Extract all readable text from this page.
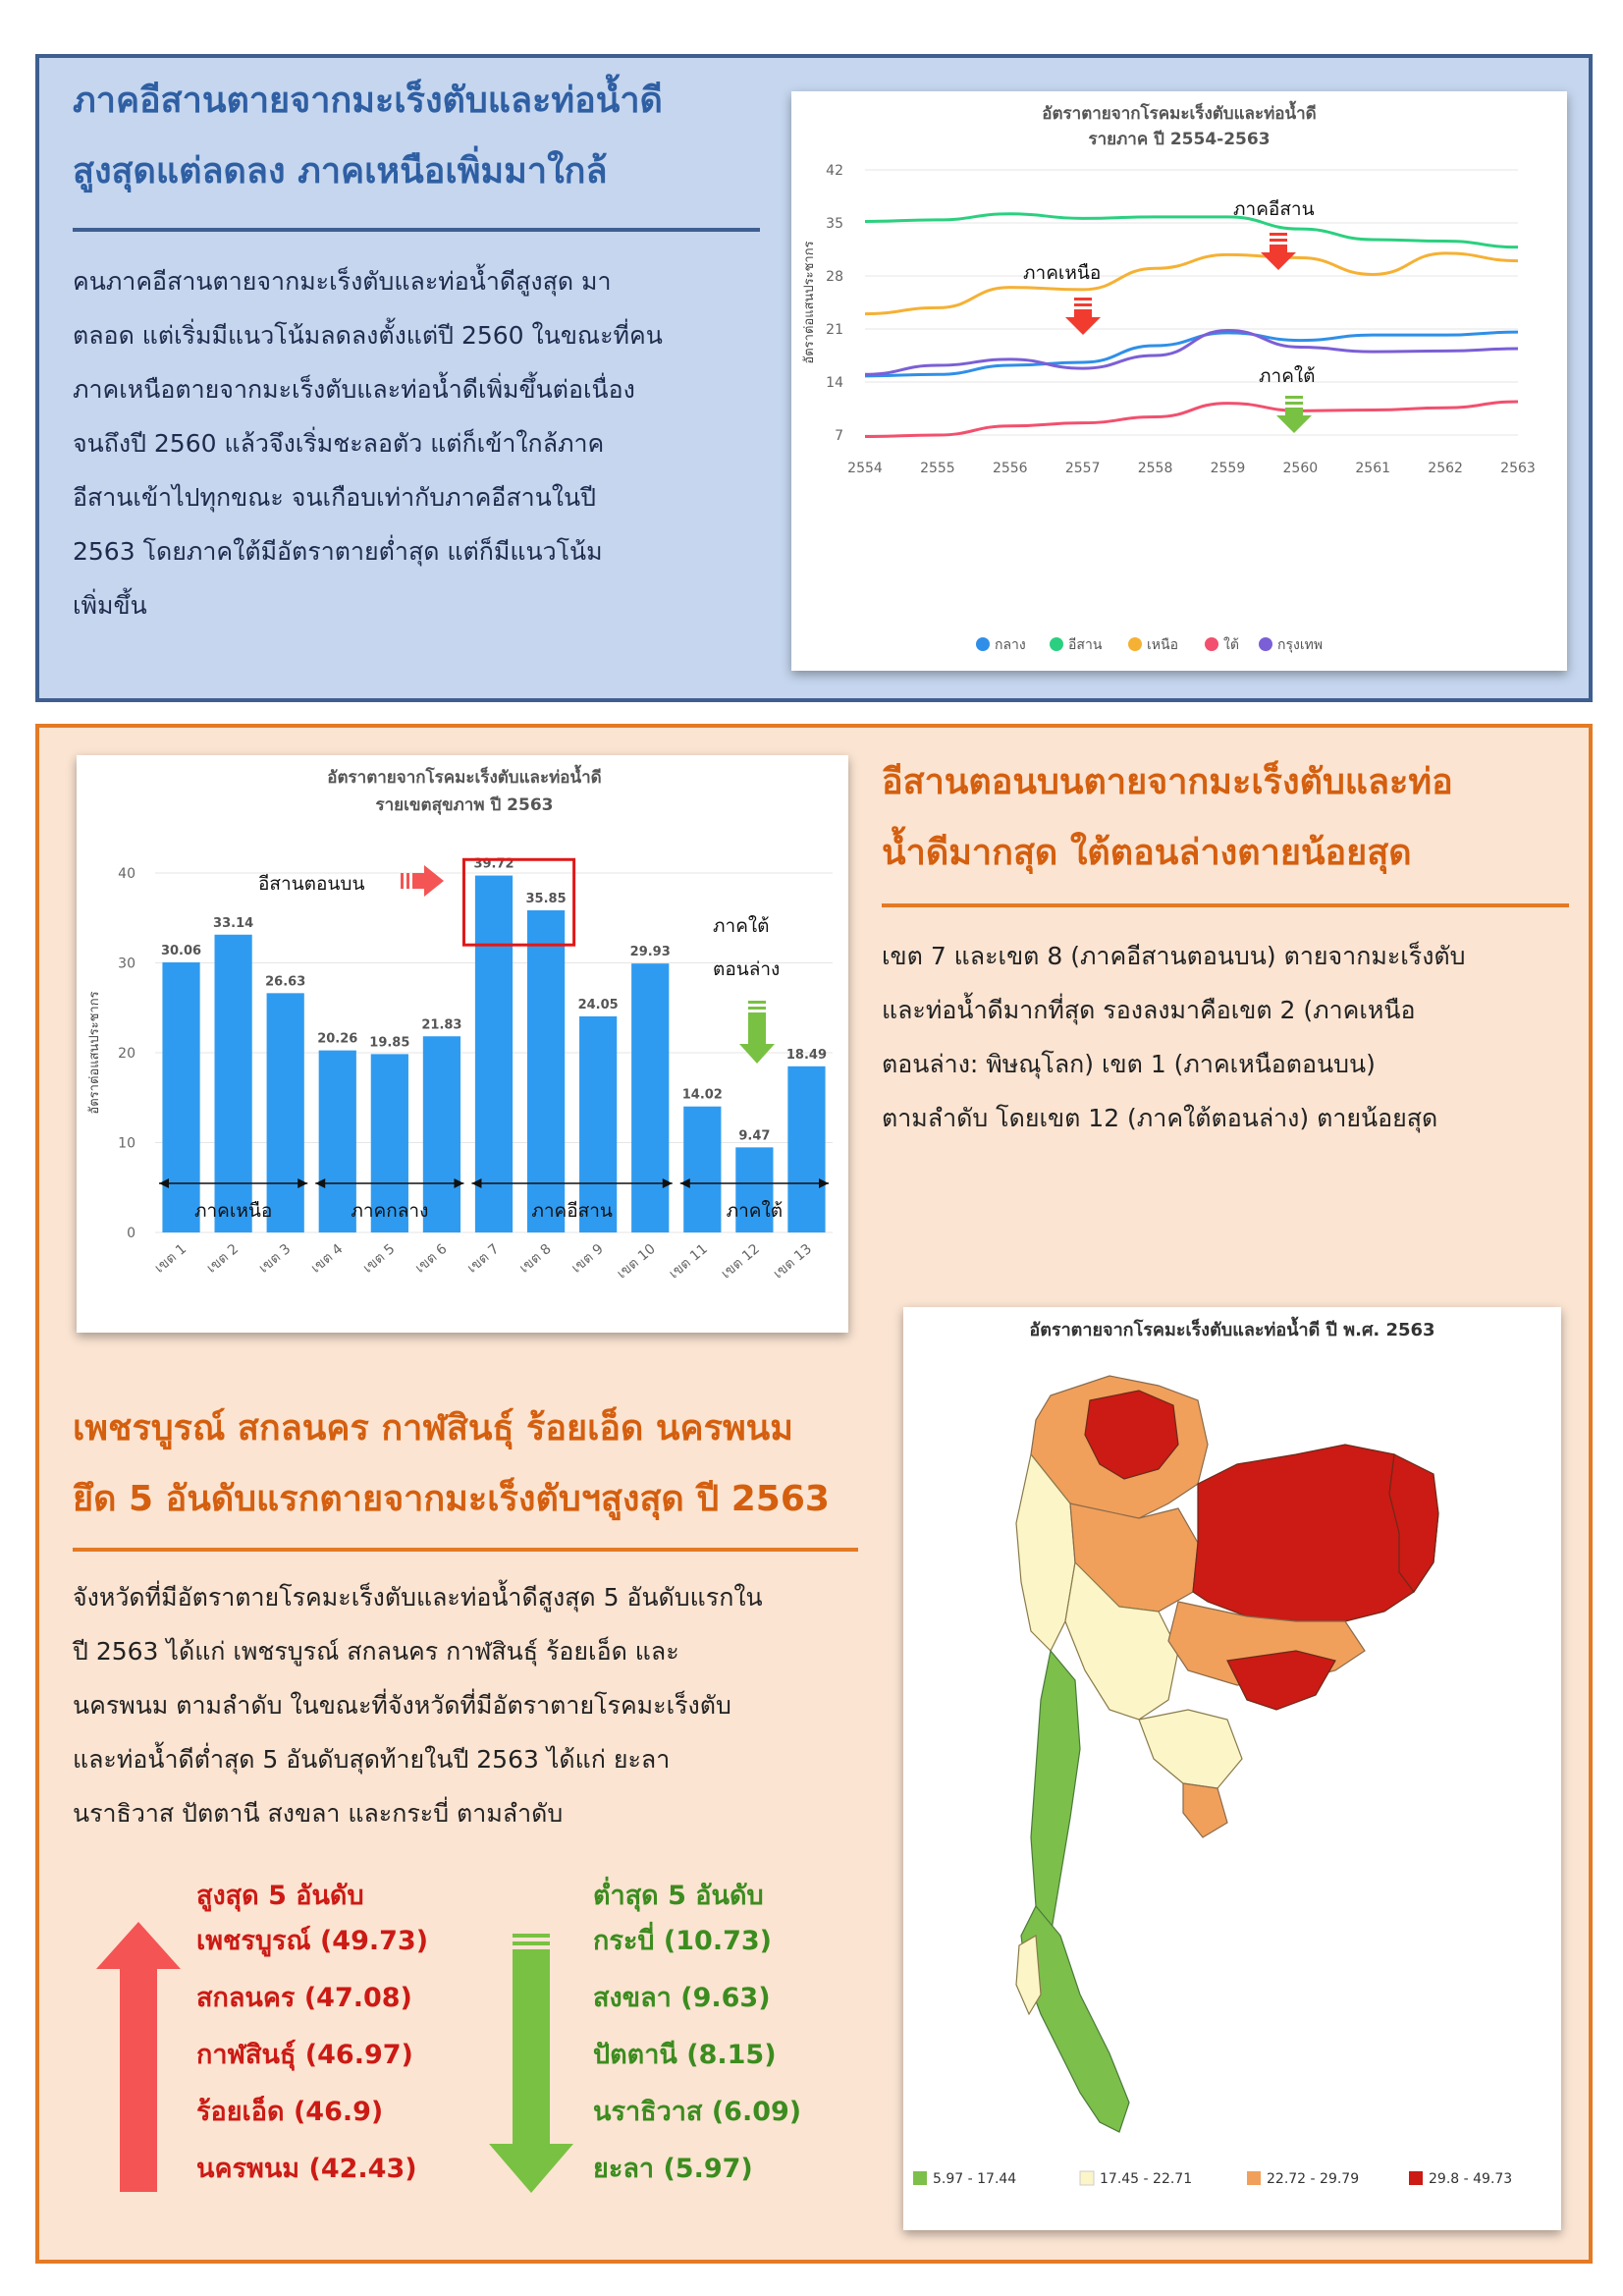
ภาคอีสานตายจากมะเร็งตับและท่อน้ำดี
สูงสุดแต่ลดลง ภาคเหนือเพิ่มมาใกล้
คนภาคอีสานตายจากมะเร็งตับและท่อน้ำดีสูงสุด มา
ตลอด แต่เริ่มมีแนวโน้มลดลงตั้งแต่ปี 2560 ในขณะที่คน
ภาคเหนือตายจากมะเร็งตับและท่อน้ำดีเพิ่มขึ้นต่อเนื่อง
จนถึงปี 2560 แล้วจึงเริ่มชะลอตัว แต่ก็เข้าใกล้ภาค
อีสานเข้าไปทุกขณะ จนเกือบเท่ากับภาคอีสานในปี
2563 โดยภาคใต้มีอัตราตายต่ำสุด แต่ก็มีแนวโน้ม
เพิ่มขึ้น
อัตราตายจากโรคมะเร็งตับและท่อน้ำดี
รายภาค ปี 2554-2563
7
14
21
28
35
42
อัตราต่อแสนประชากร
2554	2555	2556	2557	2558	2559	2560	2561	2562	2563
ภาคอีสาน
ภาคเหนือ
ภาคใต้
กลาง	อีสาน	เหนือ	ใต้	กรุงเทพ
อัตราตายจากโรคมะเร็งตับและท่อน้ำดี
รายเขตสุขภาพ ปี 2563
0
10
20
30
40
อัตราต่อแสนประชากร
30.06
เขต 1
33.14
เขต 2
26.63
เขต 3
20.26
เขต 4
19.85
เขต 5
21.83
เขต 6
39.72
เขต 7
35.85
เขต 8
24.05
เขต 9
29.93
เขต 10
14.02
เขต 11
9.47
เขต 12
18.49
เขต 13
ภาคเหนือ	ภาคกลาง	ภาคอีสาน	ภาคใต้
อีสานตอนบน
ภาคใต้
ตอนล่าง
อีสานตอนบนตายจากมะเร็งตับและท่อ
น้ำดีมากสุด ใต้ตอนล่างตายน้อยสุด
เขต 7 และเขต 8 (ภาคอีสานตอนบน) ตายจากมะเร็งตับ
และท่อน้ำดีมากที่สุด รองลงมาคือเขต 2 (ภาคเหนือ
ตอนล่าง: พิษณุโลก) เขต 1 (ภาคเหนือตอนบน)
ตามลำดับ โดยเขต 12 (ภาคใต้ตอนล่าง) ตายน้อยสุด
เพชรบูรณ์ สกลนคร กาฬสินธุ์ ร้อยเอ็ด นครพนม
ยึด 5 อันดับแรกตายจากมะเร็งตับฯสูงสุด ปี 2563
จังหวัดที่มีอัตราตายโรคมะเร็งตับและท่อน้ำดีสูงสุด 5 อันดับแรกใน
ปี 2563 ได้แก่ เพชรบูรณ์ สกลนคร กาฬสินธุ์ ร้อยเอ็ด และ
นครพนม ตามลำดับ ในขณะที่จังหวัดที่มีอัตราตายโรคมะเร็งตับ
และท่อน้ำดีต่ำสุด 5 อันดับสุดท้ายในปี 2563 ได้แก่ ยะลา
นราธิวาส ปัตตานี สงขลา และกระบี่ ตามลำดับ
สูงสุด 5 อันดับ
เพชรบูรณ์ (49.73)
สกลนคร (47.08)
กาฬสินธุ์ (46.97)
ร้อยเอ็ด (46.9)
นครพนม (42.43)
ต่ำสุด 5 อันดับ
กระบี่ (10.73)
สงขลา (9.63)
ปัตตานี (8.15)
นราธิวาส (6.09)
ยะลา (5.97)
อัตราตายจากโรคมะเร็งตับและท่อน้ำดี ปี พ.ศ. 2563
5.97 - 17.44	17.45 - 22.71	22.72 - 29.79	29.8 - 49.73
